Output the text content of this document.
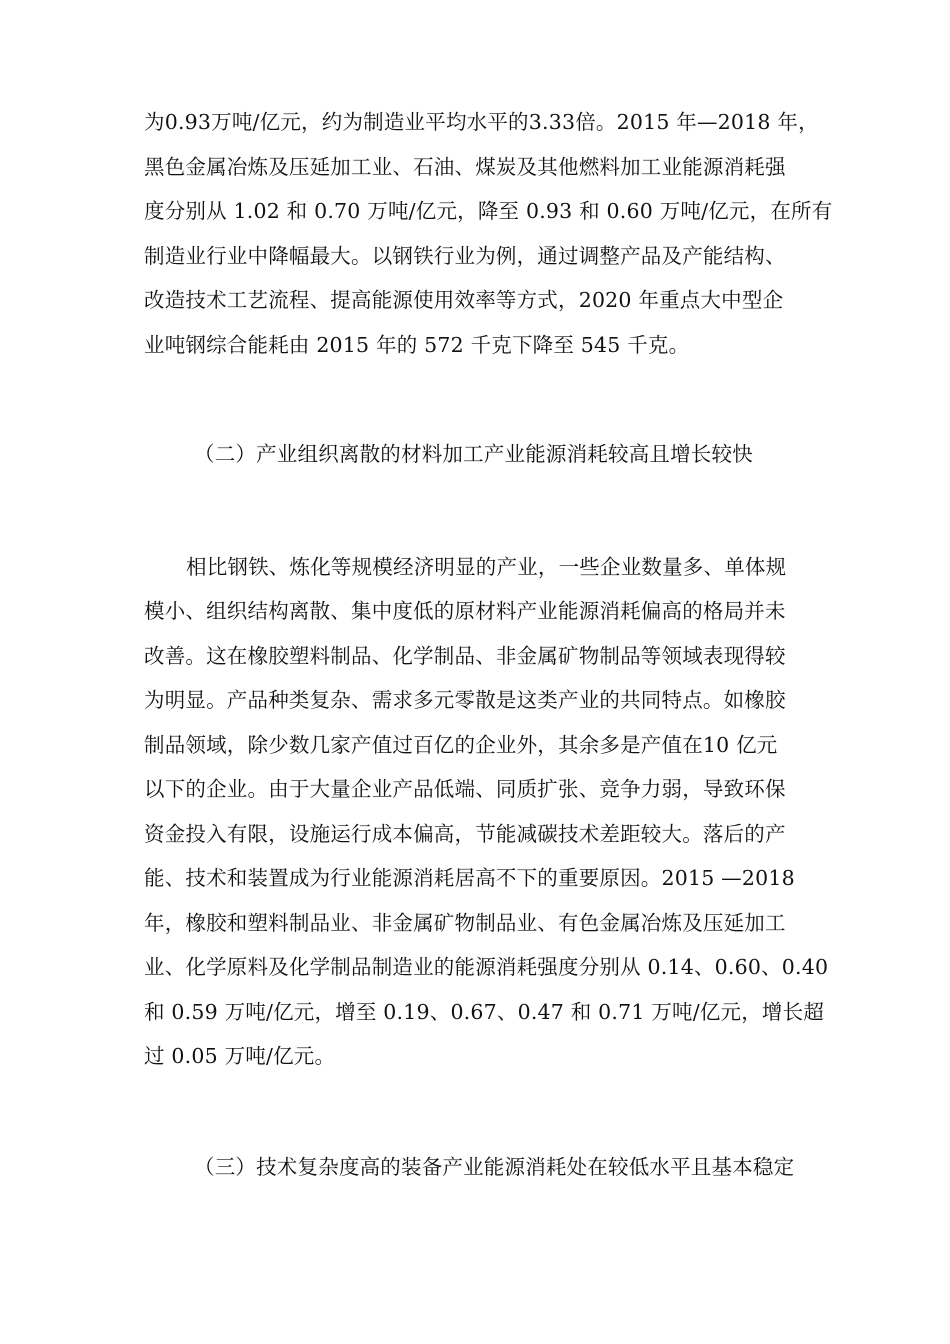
为0.93万吨/亿元，约为制造业平均水平的3.33倍。2015 年—2018 年，
黑色金属冶炼及压延加工业、石油、煤炭及其他燃料加工业能源消耗强
度分别从 1.02 和 0.70 万吨/亿元，降至 0.93 和 0.60 万吨/亿元，在所有
制造业行业中降幅最大。以钢铁行业为例，通过调整产品及产能结构、
改造技术工艺流程、提高能源使用效率等方式，2020 年重点大中型企
业吨钢综合能耗由 2015 年的 572 千克下降至 545 千克。
（二）产业组织离散的材料加工产业能源消耗较高且增长较快
相比钢铁、炼化等规模经济明显的产业，一些企业数量多、单体规
模小、组织结构离散、集中度低的原材料产业能源消耗偏高的格局并未
改善。这在橡胶塑料制品、化学制品、非金属矿物制品等领域表现得较
为明显。产品种类复杂、需求多元零散是这类产业的共同特点。如橡胶
制品领域，除少数几家产值过百亿的企业外，其余多是产值在10 亿元
以下的企业。由于大量企业产品低端、同质扩张、竞争力弱，导致环保
资金投入有限，设施运行成本偏高，节能减碳技术差距较大。落后的产
能、技术和装置成为行业能源消耗居高不下的重要原因。2015 —2018
年，橡胶和塑料制品业、非金属矿物制品业、有色金属冶炼及压延加工
业、化学原料及化学制品制造业的能源消耗强度分别从 0.14、0.60、0.40
和 0.59 万吨/亿元，增至 0.19、0.67、0.47 和 0.71 万吨/亿元，增长超
过 0.05 万吨/亿元。
（三）技术复杂度高的装备产业能源消耗处在较低水平且基本稳定
